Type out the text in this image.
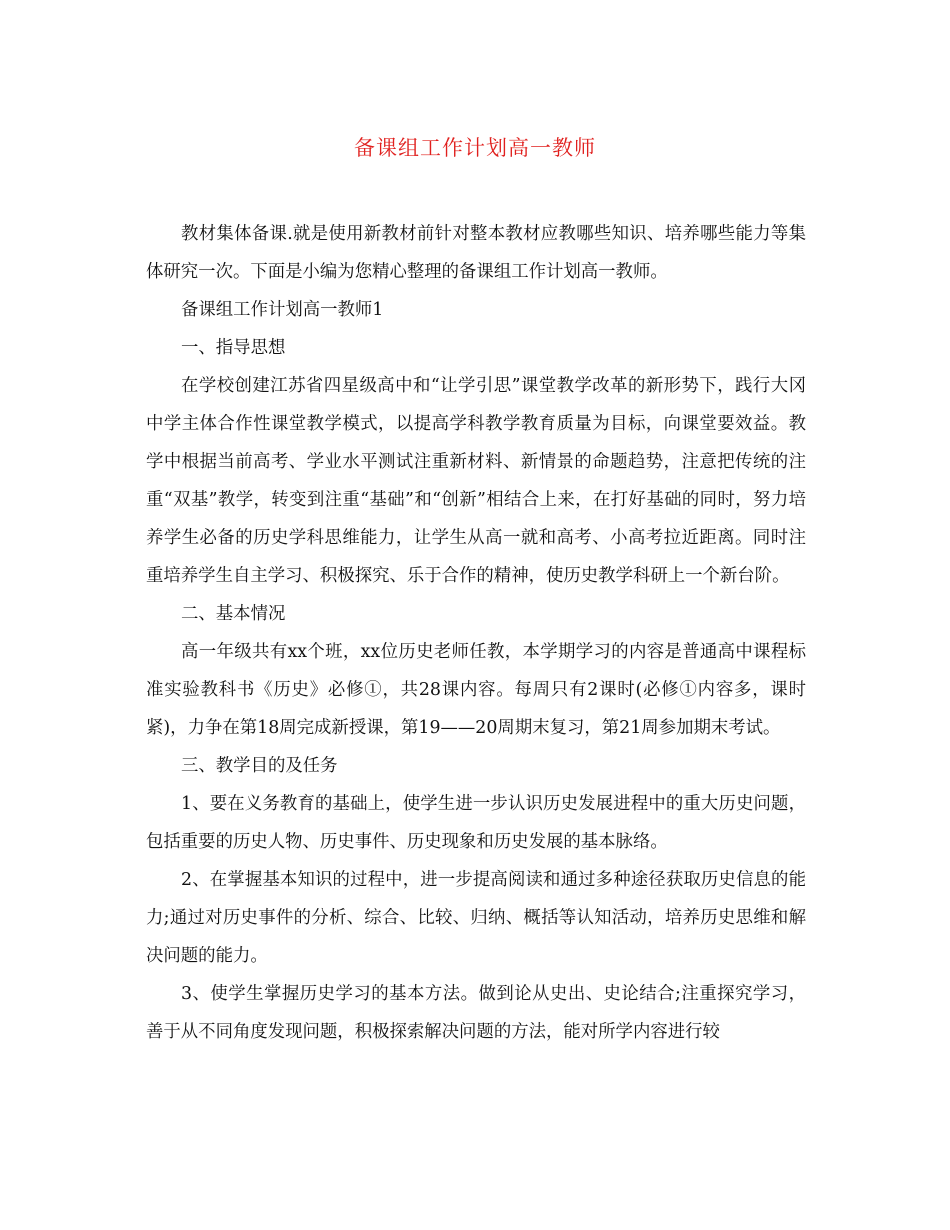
备课组工作计划高一教师

教材集体备课.就是使用新教材前针对整本教材应教哪些知识、培养哪些能力等集体研究一次。下面是小编为您精心整理的备课组工作计划高一教师。

备课组工作计划高一教师1

一、指导思想

在学校创建江苏省四星级高中和“让学引思”课堂教学改革的新形势下，践行大冈中学主体合作性课堂教学模式，以提高学科教学教育质量为目标，向课堂要效益。教学中根据当前高考、学业水平测试注重新材料、新情景的命题趋势，注意把传统的注重“双基”教学，转变到注重“基础”和“创新”相结合上来，在打好基础的同时，努力培养学生必备的历史学科思维能力，让学生从高一就和高考、小高考拉近距离。同时注重培养学生自主学习、积极探究、乐于合作的精神，使历史教学科研上一个新台阶。

二、基本情况

高一年级共有xx个班，xx位历史老师任教，本学期学习的内容是普通高中课程标准实验教科书《历史》必修①，共28课内容。每周只有2课时(必修①内容多，课时紧)，力争在第18周完成新授课，第19——20周期末复习，第21周参加期末考试。

三、教学目的及任务

1、要在义务教育的基础上，使学生进一步认识历史发展进程中的重大历史问题，包括重要的历史人物、历史事件、历史现象和历史发展的基本脉络。

2、在掌握基本知识的过程中，进一步提高阅读和通过多种途径获取历史信息的能力;通过对历史事件的分析、综合、比较、归纳、概括等认知活动，培养历史思维和解决问题的能力。

3、使学生掌握历史学习的基本方法。做到论从史出、史论结合;注重探究学习，善于从不同角度发现问题，积极探索解决问题的方法，能对所学内容进行较
